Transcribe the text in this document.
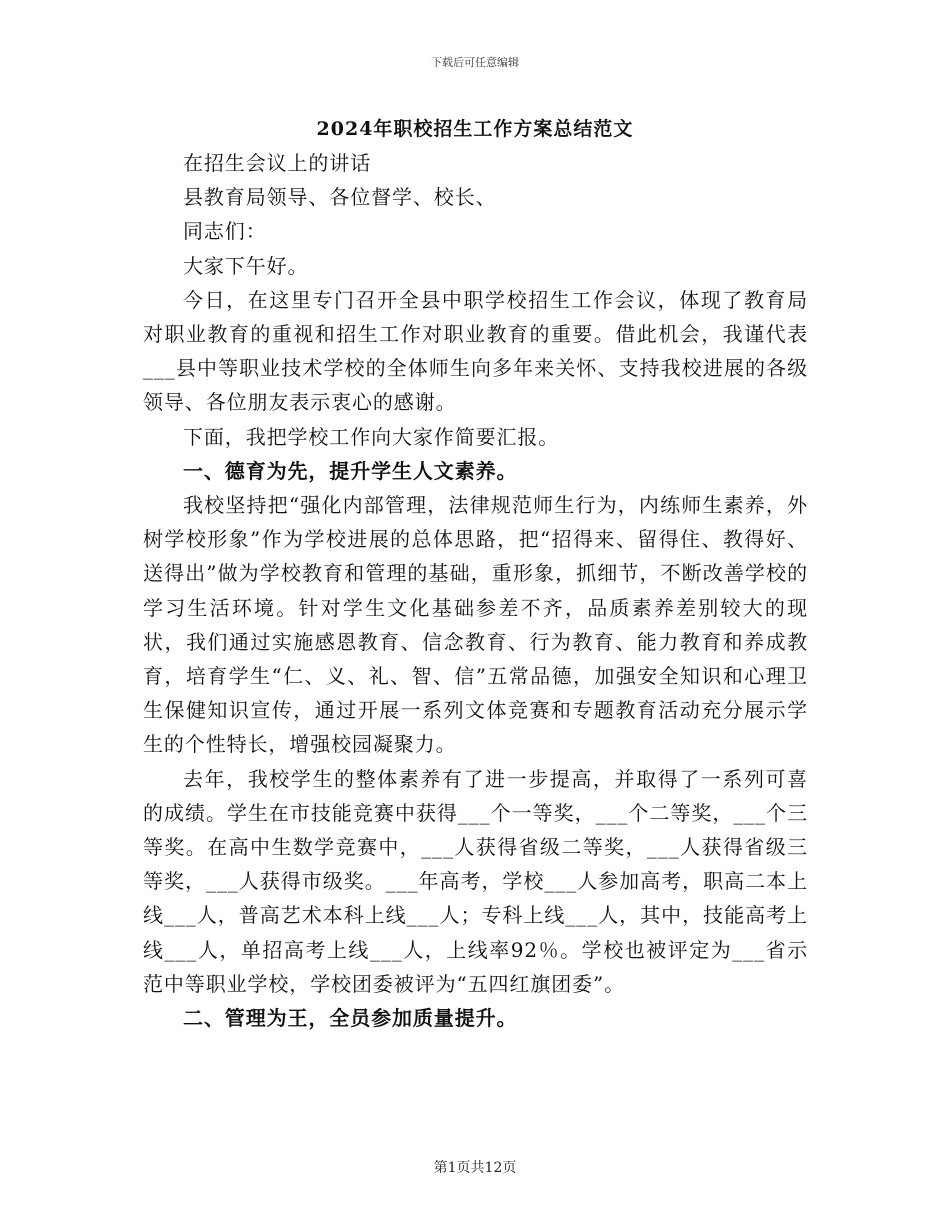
下载后可任意编辑
2024年职校招生工作方案总结范文

在招生会议上的讲话

县教育局领导、各位督学、校长、

同志们：

大家下午好。

今日，在这里专门召开全县中职学校招生工作会议，体现了教育局对职业教育的重视和招生工作对职业教育的重要。借此机会，我谨代表___县中等职业技术学校的全体师生向多年来关怀、支持我校进展的各级领导、各位朋友表示衷心的感谢。

下面，我把学校工作向大家作简要汇报。

一、德育为先，提升学生人文素养。

我校坚持把“强化内部管理，法律规范师生行为，内练师生素养，外树学校形象”作为学校进展的总体思路，把“招得来、留得住、教得好、送得出”做为学校教育和管理的基础，重形象，抓细节，不断改善学校的学习生活环境。针对学生文化基础参差不齐，品质素养差别较大的现状，我们通过实施感恩教育、信念教育、行为教育、能力教育和养成教育，培育学生“仁、义、礼、智、信”五常品德，加强安全知识和心理卫生保健知识宣传，通过开展一系列文体竞赛和专题教育活动充分展示学生的个性特长，增强校园凝聚力。

去年，我校学生的整体素养有了进一步提高，并取得了一系列可喜的成绩。学生在市技能竞赛中获得___个一等奖，___个二等奖，___个三等奖。在高中生数学竞赛中，___人获得省级二等奖，___人获得省级三等奖，___人获得市级奖。___年高考，学校___人参加高考，职高二本上线___人，普高艺术本科上线___人；专科上线___人，其中，技能高考上线___人，单招高考上线___人，上线率92％。学校也被评定为___省示范中等职业学校，学校团委被评为“五四红旗团委”。

二、管理为王，全员参加质量提升。

第1页共12页
